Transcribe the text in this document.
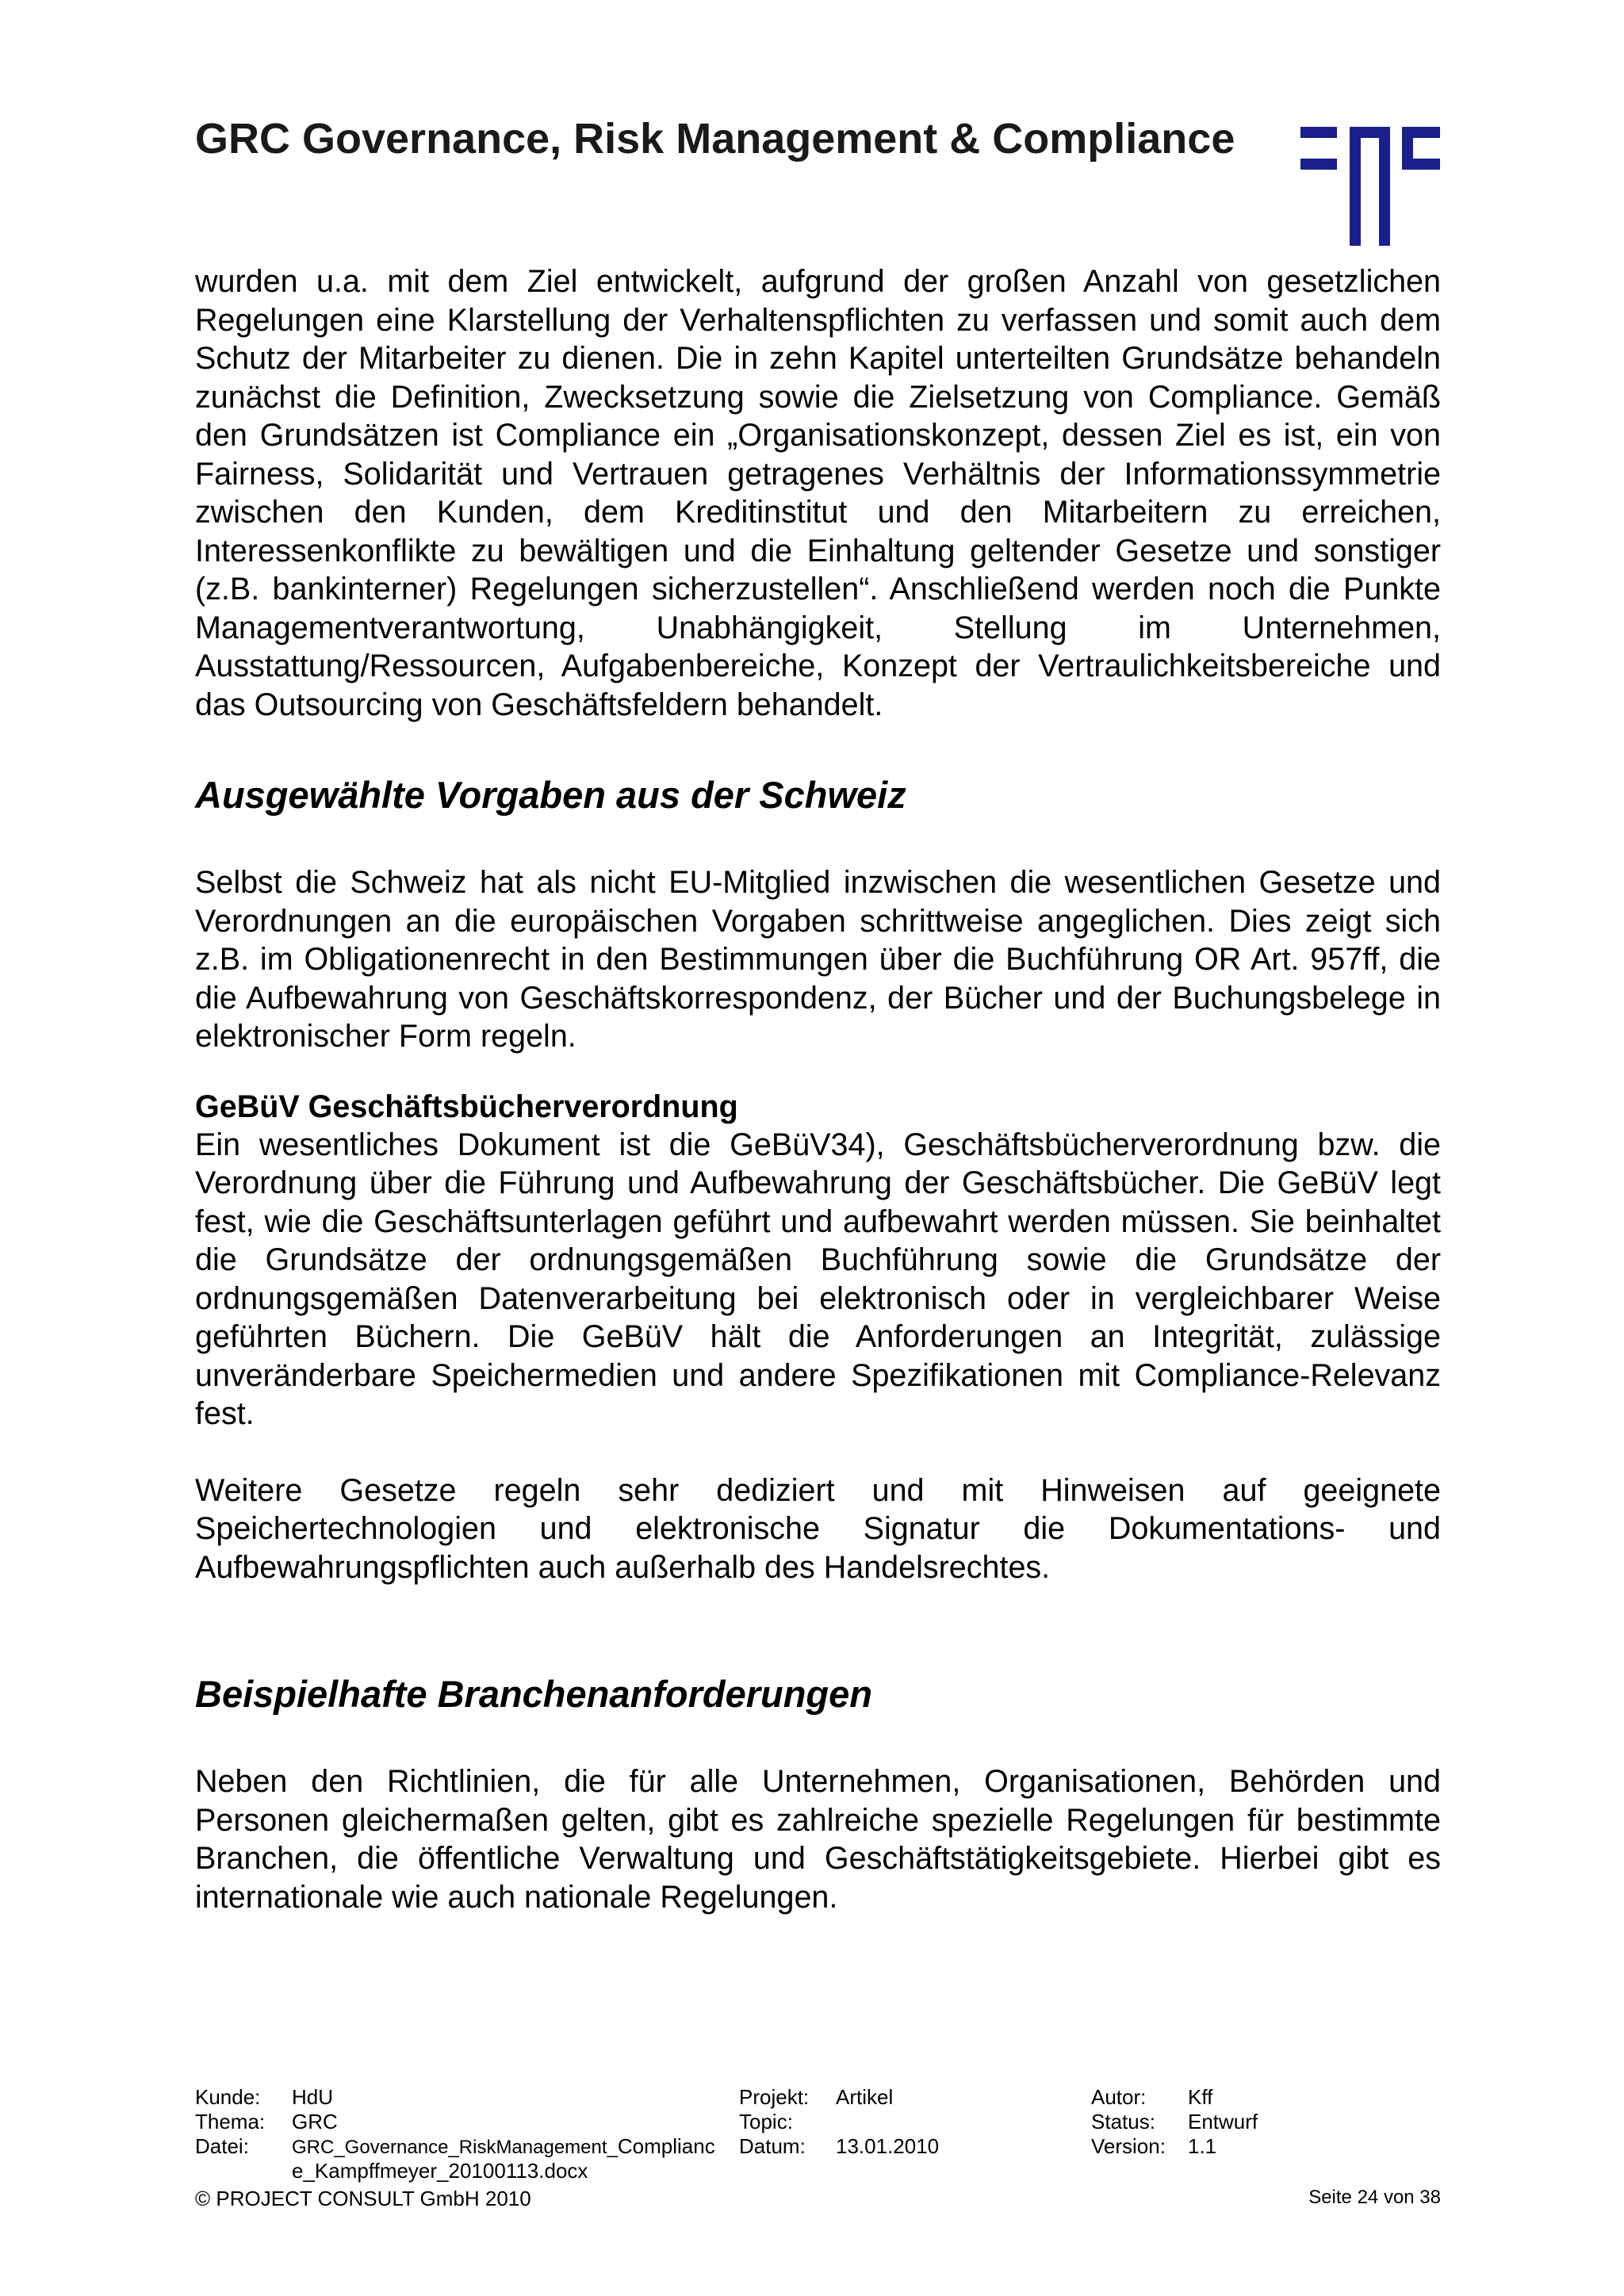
GRC Governance, Risk Management & Compliance

wurden u.a. mit dem Ziel entwickelt, aufgrund der großen Anzahl von gesetzlichen Regelungen eine Klarstellung der Verhaltenspflichten zu verfassen und somit auch dem Schutz der Mitarbeiter zu dienen. Die in zehn Kapitel unterteilten Grundsätze behandeln zunächst die Definition, Zwecksetzung sowie die Zielsetzung von Compliance. Gemäß den Grundsätzen ist Compliance ein „Organisationskonzept, dessen Ziel es ist, ein von Fairness, Solidarität und Vertrauen getragenes Verhältnis der Informationssymmetrie zwischen den Kunden, dem Kreditinstitut und den Mitarbeitern zu erreichen, Interessenkonflikte zu bewältigen und die Einhaltung geltender Gesetze und sonstiger (z.B. bankinterner) Regelungen sicherzustellen“. Anschließend werden noch die Punkte Managementverantwortung, Unabhängigkeit, Stellung im Unternehmen, Ausstattung/Ressourcen, Aufgabenbereiche, Konzept der Vertraulichkeitsbereiche und das Outsourcing von Geschäftsfeldern behandelt.

Ausgewählte Vorgaben aus der Schweiz

Selbst die Schweiz hat als nicht EU-Mitglied inzwischen die wesentlichen Gesetze und Verordnungen an die europäischen Vorgaben schrittweise angeglichen. Dies zeigt sich z.B. im Obligationenrecht in den Bestimmungen über die Buchführung OR Art. 957ff, die die Aufbewahrung von Geschäftskorrespondenz, der Bücher und der Buchungsbelege in elektronischer Form regeln.

GeBüV Geschäftsbücherverordnung

Ein wesentliches Dokument ist die GeBüV34), Geschäftsbücherverordnung bzw. die Verordnung über die Führung und Aufbewahrung der Geschäftsbücher. Die GeBüV legt fest, wie die Geschäftsunterlagen geführt und aufbewahrt werden müssen. Sie beinhaltet die Grundsätze der ordnungsgemäßen Buchführung sowie die Grundsätze der ordnungsgemäßen Datenverarbeitung bei elektronisch oder in vergleichbarer Weise geführten Büchern. Die GeBüV hält die Anforderungen an Integrität, zulässige unveränderbare Speichermedien und andere Spezifikationen mit Compliance-Relevanz fest.

Weitere Gesetze regeln sehr dediziert und mit Hinweisen auf geeignete Speichertechnologien und elektronische Signatur die Dokumentations- und Aufbewahrungspflichten auch außerhalb des Handelsrechtes.

Beispielhafte Branchenanforderungen

Neben den Richtlinien, die für alle Unternehmen, Organisationen, Behörden und Personen gleichermaßen gelten, gibt es zahlreiche spezielle Regelungen für bestimmte Branchen, die öffentliche Verwaltung und Geschäftstätigkeitsgebiete. Hierbei gibt es internationale wie auch nationale Regelungen.

Kunde:	HdU
Thema:	GRC
Datei:	GRC_Governance_RiskManagement_Complianc
e_Kampffmeyer_20100113.docx
Projekt:	Artikel
Topic:
Datum:	13.01.2010
Autor:	Kff
Status:	Entwurf
Version:	1.1
© PROJECT CONSULT GmbH 2010	Seite 24 von 38
